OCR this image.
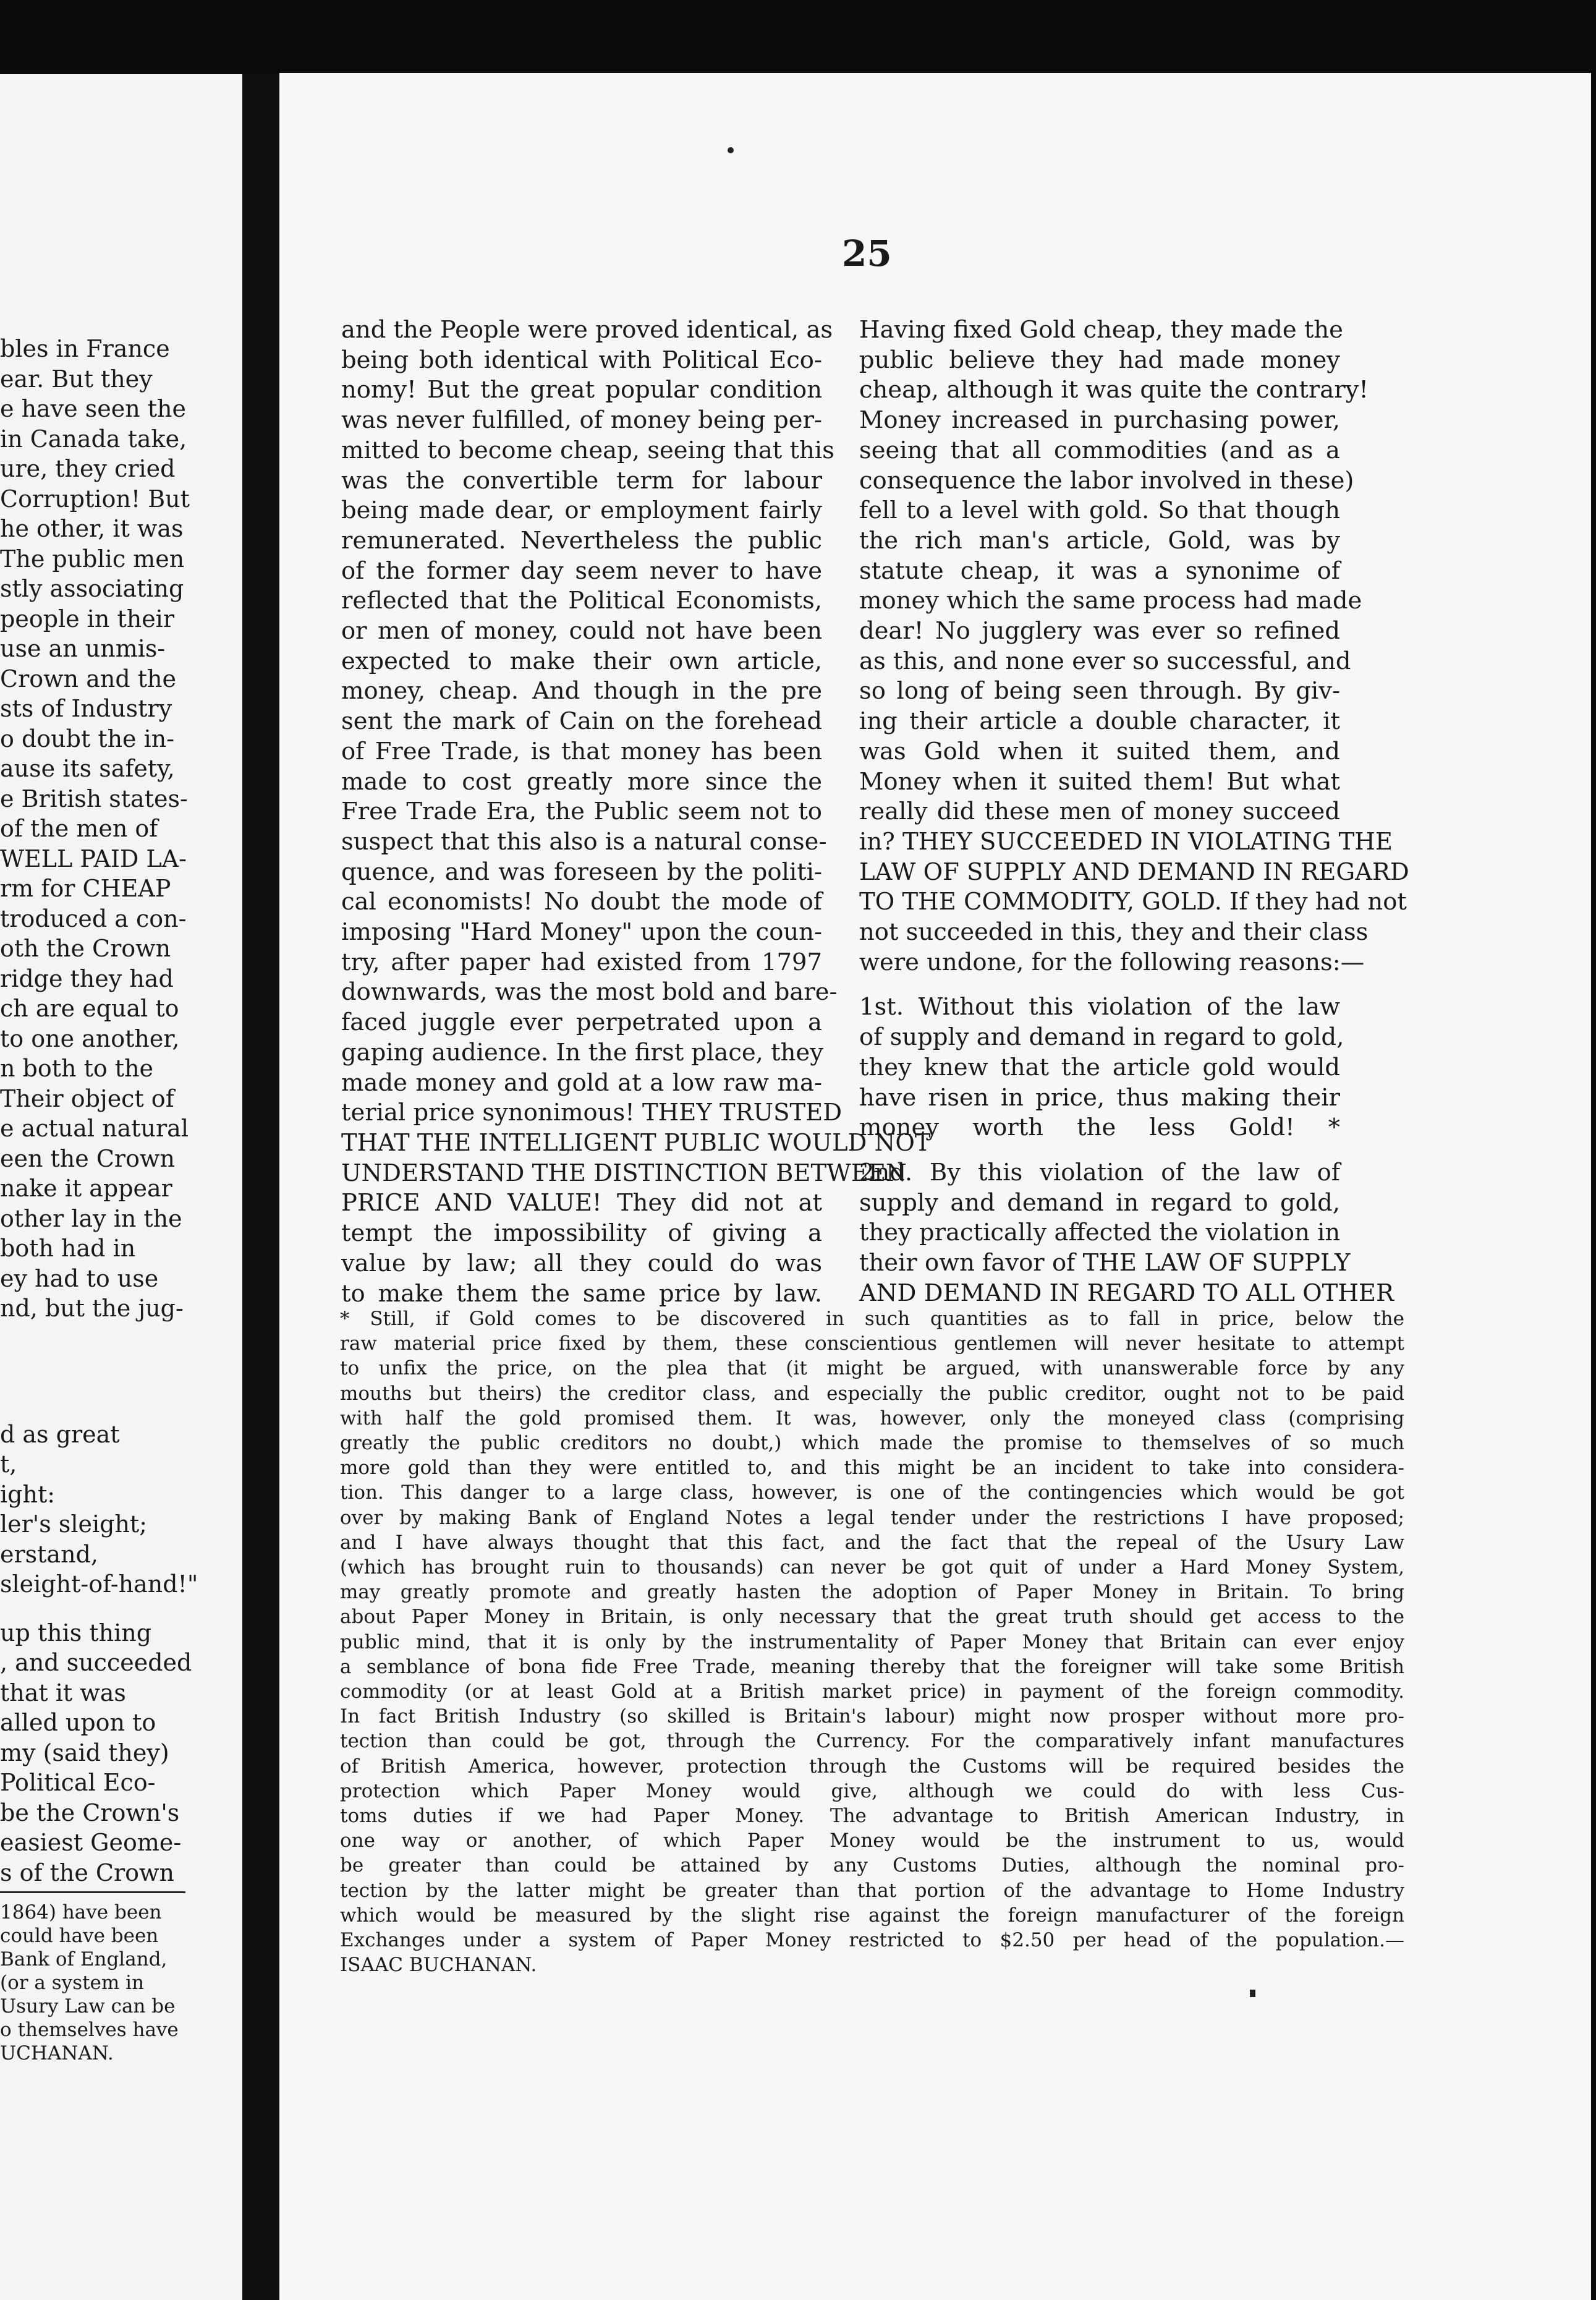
bles in France
ear. But they
e have seen the
in Canada take,
ure, they cried
Corruption! But
he other, it was
The public men
stly associating
people in their
use an unmis-
Crown and the
sts of Industry
o doubt the in-
ause its safety,
e British states-
of the men of
WELL PAID LA-
rm for CHEAP
troduced a con-
oth the Crown
ridge they had
ch are equal to
to one another,
n both to the
Their object of
e actual natural
een the Crown
nake it appear
other lay in the
both had in
ey had to use
nd, but the jug-
d as great
t,
ight:
ler's sleight;
erstand,
sleight-of-hand!"
up this thing
, and succeeded
that it was
alled upon to
my (said they)
Political Eco-
be the Crown's
easiest Geome-
s of the Crown
1864) have been
could have been
Bank of England,
(or a system in
Usury Law can be
o themselves have
UCHANAN.
25
and the People were proved identical, as
being both identical with Political Eco-
nomy! But the great popular condition
was never fulfilled, of money being per-
mitted to become cheap, seeing that this
was the convertible term for labour
being made dear, or employment fairly
remunerated. Nevertheless the public
of the former day seem never to have
reflected that the Political Economists,
or men of money, could not have been
expected to make their own article,
money, cheap. And though in the pre
sent the mark of Cain on the forehead
of Free Trade, is that money has been
made to cost greatly more since the
Free Trade Era, the Public seem not to
suspect that this also is a natural conse-
quence, and was foreseen by the politi-
cal economists! No doubt the mode of
imposing "Hard Money" upon the coun-
try, after paper had existed from 1797
downwards, was the most bold and bare-
faced juggle ever perpetrated upon a
gaping audience. In the first place, they
made money and gold at a low raw ma-
terial price synonimous! THEY TRUSTED
THAT THE INTELLIGENT PUBLIC WOULD NOT
UNDERSTAND THE DISTINCTION BETWEEN
PRICE AND VALUE! They did not at
tempt the impossibility of giving a
value by law; all they could do was
to make them the same price by law.
Having fixed Gold cheap, they made the
public believe they had made money
cheap, although it was quite the contrary!
Money increased in purchasing power,
seeing that all commodities (and as a
consequence the labor involved in these)
fell to a level with gold. So that though
the rich man's article, Gold, was by
statute cheap, it was a synonime of
money which the same process had made
dear! No jugglery was ever so refined
as this, and none ever so successful, and
so long of being seen through. By giv-
ing their article a double character, it
was Gold when it suited them, and
Money when it suited them! But what
really did these men of money succeed
in? THEY SUCCEEDED IN VIOLATING THE
LAW OF SUPPLY AND DEMAND IN REGARD
TO THE COMMODITY, GOLD. If they had not
not succeeded in this, they and their class
were undone, for the following reasons:—
1st. Without this violation of the law
of supply and demand in regard to gold,
they knew that the article gold would
have risen in price, thus making their
money worth the less Gold! *
2nd. By this violation of the law of
supply and demand in regard to gold,
they practically affected the violation in
their own favor of THE LAW OF SUPPLY
AND DEMAND IN REGARD TO ALL OTHER
* Still, if Gold comes to be discovered in such quantities as to fall in price, below the
raw material price fixed by them, these conscientious gentlemen will never hesitate to attempt
to unfix the price, on the plea that (it might be argued, with unanswerable force by any
mouths but theirs) the creditor class, and especially the public creditor, ought not to be paid
with half the gold promised them. It was, however, only the moneyed class (comprising
greatly the public creditors no doubt,) which made the promise to themselves of so much
more gold than they were entitled to, and this might be an incident to take into considera-
tion. This danger to a large class, however, is one of the contingencies which would be got
over by making Bank of England Notes a legal tender under the restrictions I have proposed;
and I have always thought that this fact, and the fact that the repeal of the Usury Law
(which has brought ruin to thousands) can never be got quit of under a Hard Money System,
may greatly promote and greatly hasten the adoption of Paper Money in Britain. To bring
about Paper Money in Britain, is only necessary that the great truth should get access to the
public mind, that it is only by the instrumentality of Paper Money that Britain can ever enjoy
a semblance of bona fide Free Trade, meaning thereby that the foreigner will take some British
commodity (or at least Gold at a British market price) in payment of the foreign commodity.
In fact British Industry (so skilled is Britain's labour) might now prosper without more pro-
tection than could be got, through the Currency. For the comparatively infant manufactures
of British America, however, protection through the Customs will be required besides the
protection which Paper Money would give, although we could do with less Cus-
toms duties if we had Paper Money. The advantage to British American Industry, in
one way or another, of which Paper Money would be the instrument to us, would
be greater than could be attained by any Customs Duties, although the nominal pro-
tection by the latter might be greater than that portion of the advantage to Home Industry
which would be measured by the slight rise against the foreign manufacturer of the foreign
Exchanges under a system of Paper Money restricted to $2.50 per head of the population.—
ISAAC BUCHANAN.
